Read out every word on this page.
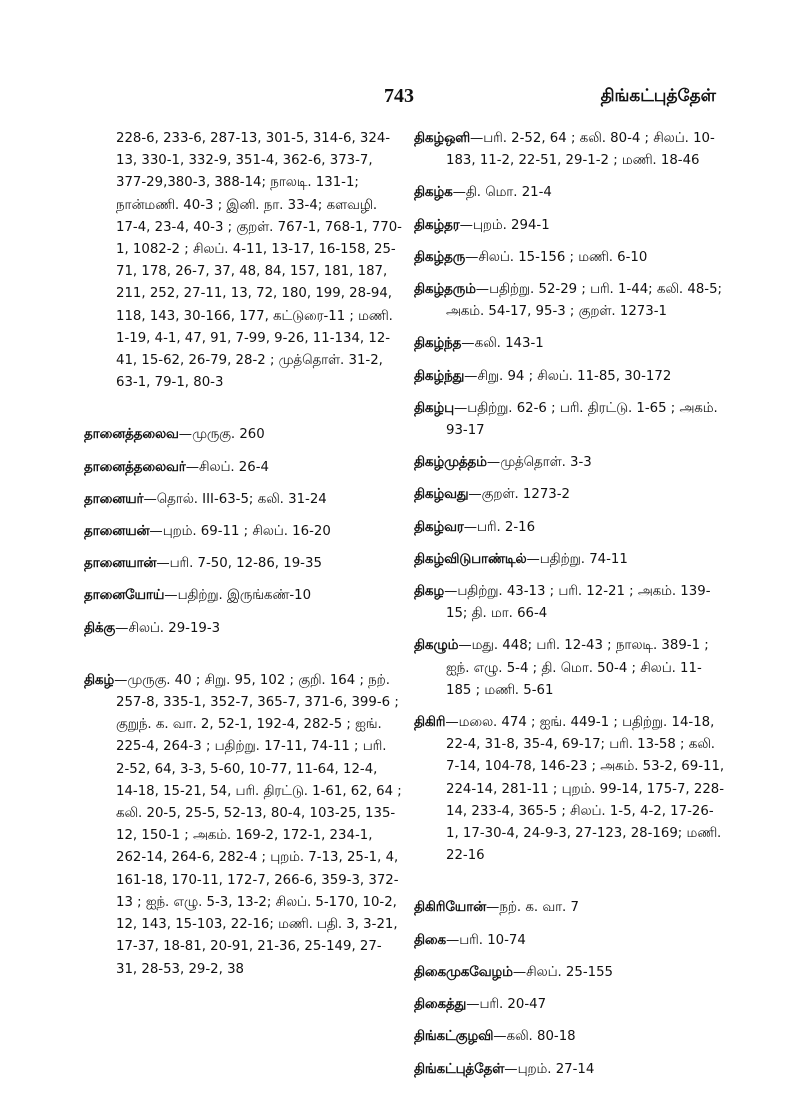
743	திங்கட்புத்தேள்
228-6, 233-6, 287-13, 301-5, 314-6, 324-13, 330-1, 332-9, 351-4, 362-6, 373-7, 377-29,380-3, 388-14; நாலடி. 131-1; நான்மணி. 40-3 ; இனி. நா. 33-4; களவழி. 17-4, 23-4, 40-3 ; குறள். 767-1, 768-1, 770-1, 1082-2 ; சிலப். 4-11, 13-17, 16-158, 25-71, 178, 26-7, 37, 48, 84, 157, 181, 187, 211, 252, 27-11, 13, 72, 180, 199, 28-94, 118, 143, 30-166, 177, கட்டுரை-11 ; மணி. 1-19, 4-1, 47, 91, 7-99, 9-26, 11-134, 12-41, 15-62, 26-79, 28-2 ; முத்தொள். 31-2, 63-1, 79-1, 80-3
தானைத்தலைவ—முருகு. 260
தானைத்தலைவர்—சிலப். 26-4
தானையர்—தொல். III-63-5; கலி. 31-24
தானையன்—புறம். 69-11 ; சிலப். 16-20
தானையான்—பரி. 7-50, 12-86, 19-35
தானையோய்—பதிற்று. இருங்கண்-10
திக்கு—சிலப். 29-19-3
திகழ்—முருகு. 40 ; சிறு. 95, 102 ; குறி. 164 ; நற். 257-8, 335-1, 352-7, 365-7, 371-6, 399-6 ; குறுந். க. வா. 2, 52-1, 192-4, 282-5 ; ஐங். 225-4, 264-3 ; பதிற்று. 17-11, 74-11 ; பரி. 2-52, 64, 3-3, 5-60, 10-77, 11-64, 12-4, 14-18, 15-21, 54, பரி. திரட்டு. 1-61, 62, 64 ; கலி. 20-5, 25-5, 52-13, 80-4, 103-25, 135-12, 150-1 ; அகம். 169-2, 172-1, 234-1, 262-14, 264-6, 282-4 ; புறம். 7-13, 25-1, 4, 161-18, 170-11, 172-7, 266-6, 359-3, 372-13 ; ஐந். எழு. 5-3, 13-2; சிலப். 5-170, 10-2, 12, 143, 15-103, 22-16; மணி. பதி. 3, 3-21, 17-37, 18-81, 20-91, 21-36, 25-149, 27-31, 28-53, 29-2, 38
திகழ்ஒளி—பரி. 2-52, 64 ; கலி. 80-4 ; சிலப். 10-183, 11-2, 22-51, 29-1-2 ; மணி. 18-46
திகழ்க—தி. மொ. 21-4
திகழ்தர—புறம். 294-1
திகழ்தரு—சிலப். 15-156 ; மணி. 6-10
திகழ்தரும்—பதிற்று. 52-29 ; பரி. 1-44; கலி. 48-5; அகம். 54-17, 95-3 ; குறள். 1273-1
திகழ்ந்த—கலி. 143-1
திகழ்ந்து—சிறு. 94 ; சிலப். 11-85, 30-172
திகழ்பு—பதிற்று. 62-6 ; பரி. திரட்டு. 1-65 ; அகம். 93-17
திகழ்முத்தம்—முத்தொள். 3-3
திகழ்வது—குறள். 1273-2
திகழ்வர—பரி. 2-16
திகழ்விடுபாண்டில்—பதிற்று. 74-11
திகழ—பதிற்று. 43-13 ; பரி. 12-21 ; அகம். 139-15; தி. மா. 66-4
திகழும்—மது. 448; பரி. 12-43 ; நாலடி. 389-1 ; ஐந். எழு. 5-4 ; தி. மொ. 50-4 ; சிலப். 11-185 ; மணி. 5-61
திகிரி—மலை. 474 ; ஐங். 449-1 ; பதிற்று. 14-18, 22-4, 31-8, 35-4, 69-17; பரி. 13-58 ; கலி. 7-14, 104-78, 146-23 ; அகம். 53-2, 69-11, 224-14, 281-11 ; புறம். 99-14, 175-7, 228-14, 233-4, 365-5 ; சிலப். 1-5, 4-2, 17-26-1, 17-30-4, 24-9-3, 27-123, 28-169; மணி. 22-16
திகிரியோன்—நற். க. வா. 7
திகை—பரி. 10-74
திகைமுகவேழம்—சிலப். 25-155
திகைத்து—பரி. 20-47
திங்கட்குழவி—கலி. 80-18
திங்கட்புத்தேள்—புறம். 27-14
